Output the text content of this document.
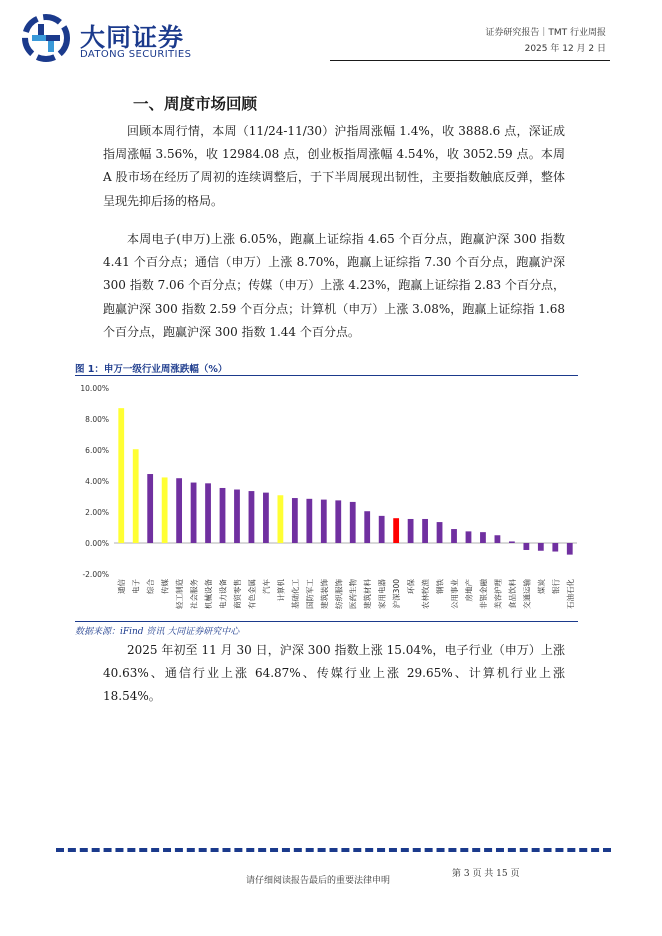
大同证券
DATONG SECURITIES
证券研究报告｜TMT 行业周报
2025 年 12 月 2 日
一、周度市场回顾

回顾本周行情，本周（11/24-11/30）沪指周涨幅 1.4%，收 3888.6 点，深证成指周涨幅 3.56%，收 12984.08 点，创业板指周涨幅 4.54%，收 3052.59 点。本周 A 股市场在经历了周初的连续调整后，于下半周展现出韧性，主要指数触底反弹，整体呈现先抑后扬的格局。

本周电子(申万)上涨 6.05%，跑赢上证综指 4.65 个百分点，跑赢沪深 300 指数 4.41 个百分点；通信（申万）上涨 8.70%，跑赢上证综指 7.30 个百分点，跑赢沪深 300 指数 7.06 个百分点；传媒（申万）上涨 4.23%，跑赢上证综指 2.83 个百分点，跑赢沪深 300 指数 2.59 个百分点；计算机（申万）上涨 3.08%，跑赢上证综指 1.68 个百分点，跑赢沪深 300 指数 1.44 个百分点。

图 1：申万一级行业周涨跌幅（%）
-2.00%
0.00%
2.00%
4.00%
6.00%
8.00%
10.00%
通信 电子 综合 传媒 轻工制造 社会服务 机械设备 电力设备 商贸零售 有色金属 汽车 计算机 基础化工 国防军工 建筑装饰 纺织服饰 医药生物 建筑材料 家用电器 沪深300 环保 农林牧渔 钢铁 公用事业 房地产 非银金融 美容护理 食品饮料 交通运输 煤炭 银行 石油石化
数据来源：iFind 资讯 大同证券研究中心

2025 年初至 11 月 30 日，沪深 300 指数上涨 15.04%，电子行业（申万）上涨 40.63%、通信行业上涨 64.87%、传媒行业上涨 29.65%、计算机行业上涨 18.54%。

请仔细阅读报告最后的重要法律申明
第 3 页 共 15 页
